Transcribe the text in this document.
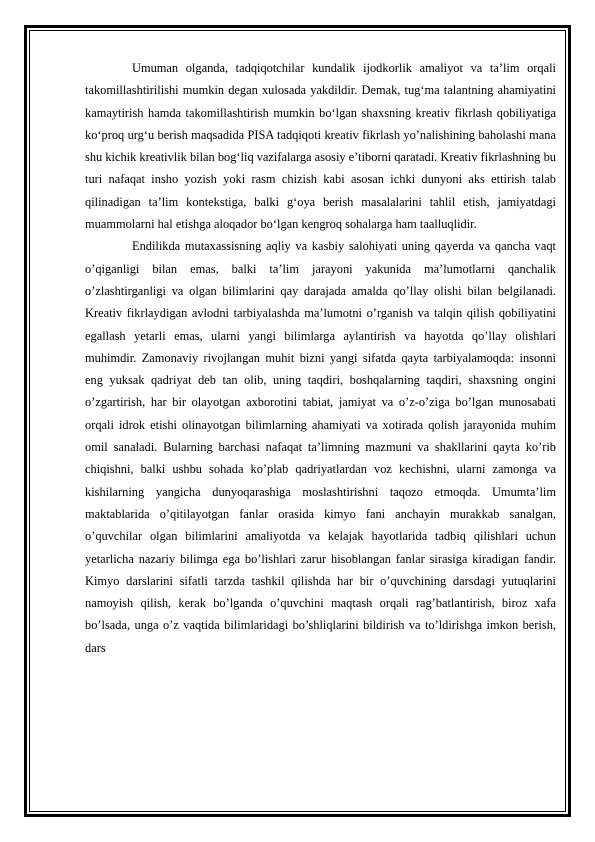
Umuman olganda, tadqiqotchilar kundalik ijodkorlik amaliyot va ta’lim orqali takomillashtirilishi mumkin degan xulosada yakdildir. Demak, tug‘ma talantning ahamiyatini kamaytirish hamda takomillashtirish mumkin bo‘lgan shaxsning kreativ fikrlash qobiliyatiga ko‘proq urg‘u berish maqsadida PISA tadqiqoti kreativ fikrlash yo’nalishining baholashi mana shu kichik kreativlik bilan bog‘liq vazifalarga asosiy e’tiborni qaratadi. Kreativ fikrlashning bu turi nafaqat insho yozish yoki rasm chizish kabi asosan ichki dunyoni aks ettirish talab qilinadigan ta’lim kontekstiga, balki g‘oya berish masalalarini tahlil etish, jamiyatdagi muammolarni hal etishga aloqador bo‘lgan kengroq sohalarga ham taalluqlidir.

Endilikda mutaxassisning aqliy va kasbiy salohiyati uning qayerda va qancha vaqt o’qiganligi bilan emas, balki ta’lim jarayoni yakunida ma’lumotlarni qanchalik o’zlashtirganligi va olgan bilimlarini qay darajada amalda qo’llay olishi bilan belgilanadi. Kreativ fikrlaydigan avlodni tarbiyalashda ma’lumotni o’rganish va talqin qilish qobiliyatini egallash yetarli emas, ularni yangi bilimlarga aylantirish va hayotda qo’llay olishlari muhimdir. Zamonaviy rivojlangan muhit bizni yangi sifatda qayta tarbiyalamoqda: insonni eng yuksak qadriyat deb tan olib, uning taqdiri, boshqalarning taqdiri, shaxsning ongini o’zgartirish, har bir olayotgan axborotini tabiat, jamiyat va o’z-o’ziga bo’lgan munosabati orqali idrok etishi olinayotgan bilimlarning ahamiyati va xotirada qolish jarayonida muhim omil sanaladi. Bularning barchasi nafaqat ta’limning mazmuni va shakllarini qayta ko’rib chiqishni, balki ushbu sohada ko’plab qadriyatlardan voz kechishni, ularni zamonga va kishilarning yangicha dunyoqarashiga moslashtirishni taqozo etmoqda. Umumta’lim maktablarida o’qitilayotgan fanlar orasida kimyo fani anchayin murakkab sanalgan, o’quvchilar olgan bilimlarini amaliyotda va kelajak hayotlarida tadbiq qilishlari uchun yetarlicha nazariy bilimga ega bo’lishlari zarur hisoblangan fanlar sirasiga kiradigan fandir. Kimyo darslarini sifatli tarzda tashkil qilishda har bir o’quvchining darsdagi yutuqlarini namoyish qilish, kerak bo’lganda o’quvchini maqtash orqali rag’batlantirish, biroz xafa bo’lsada, unga o’z vaqtida bilimlaridagi bo’shliqlarini bildirish va to’ldirishga imkon berish, dars
